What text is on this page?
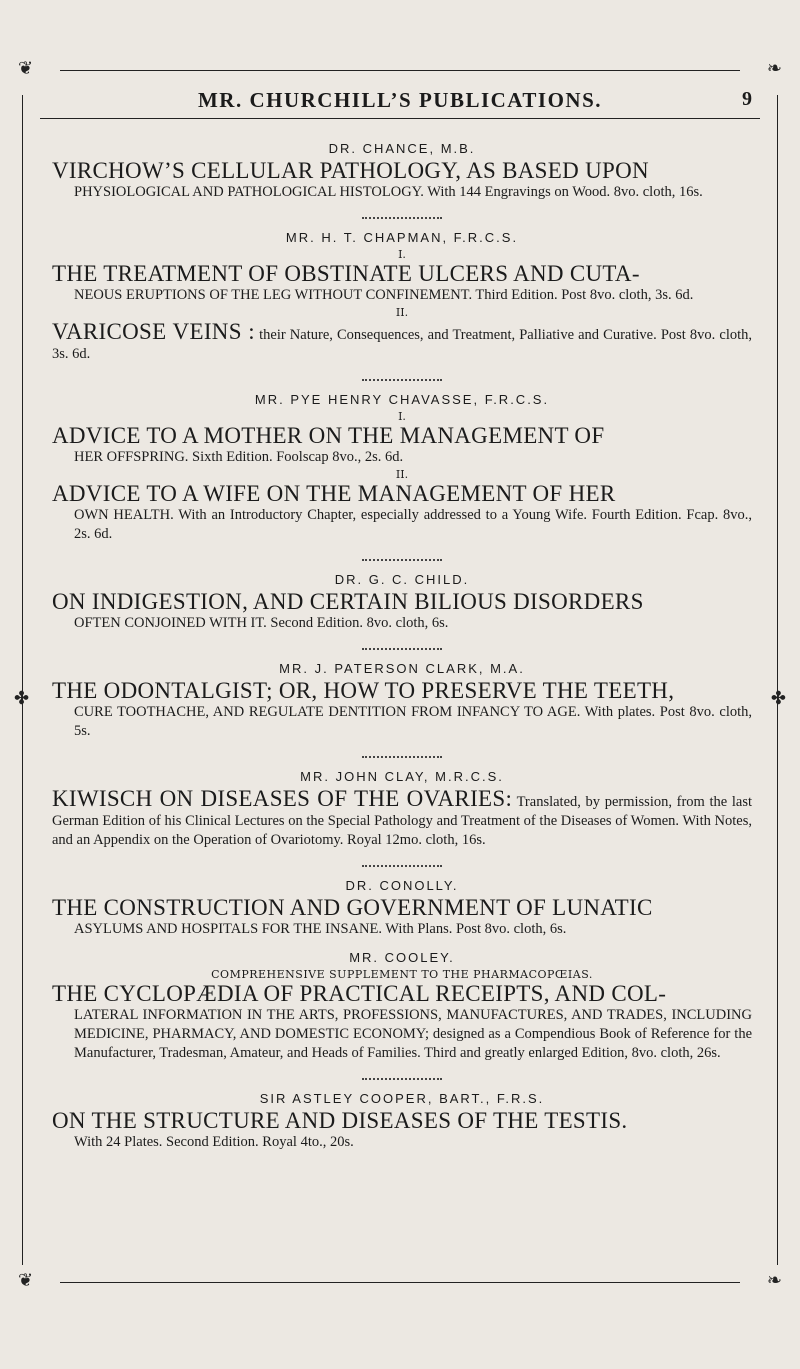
❦	❧
MR. CHURCHILL’S PUBLICATIONS.	9
✤	✤
DR. CHANCE, M.B.
VIRCHOW’S CELLULAR PATHOLOGY, AS BASED UPON
PHYSIOLOGICAL AND PATHOLOGICAL HISTOLOGY. With 144 Engravings on Wood. 8vo. cloth, 16s.
MR. H. T. CHAPMAN, F.R.C.S.
I.
THE TREATMENT OF OBSTINATE ULCERS AND CUTA-
NEOUS ERUPTIONS OF THE LEG WITHOUT CONFINEMENT. Third Edition. Post 8vo. cloth, 3s. 6d.
II.
VARICOSE VEINS : their Nature, Consequences, and Treatment, Palliative and Curative. Post 8vo. cloth, 3s. 6d.
MR. PYE HENRY CHAVASSE, F.R.C.S.
I.
ADVICE TO A MOTHER ON THE MANAGEMENT OF
HER OFFSPRING. Sixth Edition. Foolscap 8vo., 2s. 6d.
II.
ADVICE TO A WIFE ON THE MANAGEMENT OF HER
OWN HEALTH. With an Introductory Chapter, especially addressed to a Young Wife. Fourth Edition. Fcap. 8vo., 2s. 6d.
DR. G. C. CHILD.
ON INDIGESTION, AND CERTAIN BILIOUS DISORDERS
OFTEN CONJOINED WITH IT. Second Edition. 8vo. cloth, 6s.
MR. J. PATERSON CLARK, M.A.
THE ODONTALGIST; OR, HOW TO PRESERVE THE TEETH,
CURE TOOTHACHE, AND REGULATE DENTITION FROM INFANCY TO AGE. With plates. Post 8vo. cloth, 5s.
MR. JOHN CLAY, M.R.C.S.
KIWISCH ON DISEASES OF THE OVARIES: Translated, by permission, from the last German Edition of his Clinical Lectures on the Special Pathology and Treatment of the Diseases of Women. With Notes, and an Appendix on the Operation of Ovariotomy. Royal 12mo. cloth, 16s.
DR. CONOLLY.
THE CONSTRUCTION AND GOVERNMENT OF LUNATIC
ASYLUMS AND HOSPITALS FOR THE INSANE. With Plans. Post 8vo. cloth, 6s.
MR. COOLEY.
COMPREHENSIVE SUPPLEMENT TO THE PHARMACOPŒIAS.
THE CYCLOPÆDIA OF PRACTICAL RECEIPTS, AND COL-
LATERAL INFORMATION IN THE ARTS, PROFESSIONS, MANUFACTURES, AND TRADES, INCLUDING MEDICINE, PHARMACY, AND DOMESTIC ECONOMY; designed as a Compendious Book of Reference for the Manufacturer, Tradesman, Amateur, and Heads of Families. Third and greatly enlarged Edition, 8vo. cloth, 26s.
SIR ASTLEY COOPER, BART., F.R.S.
ON THE STRUCTURE AND DISEASES OF THE TESTIS.
With 24 Plates. Second Edition. Royal 4to., 20s.
❦	❧
